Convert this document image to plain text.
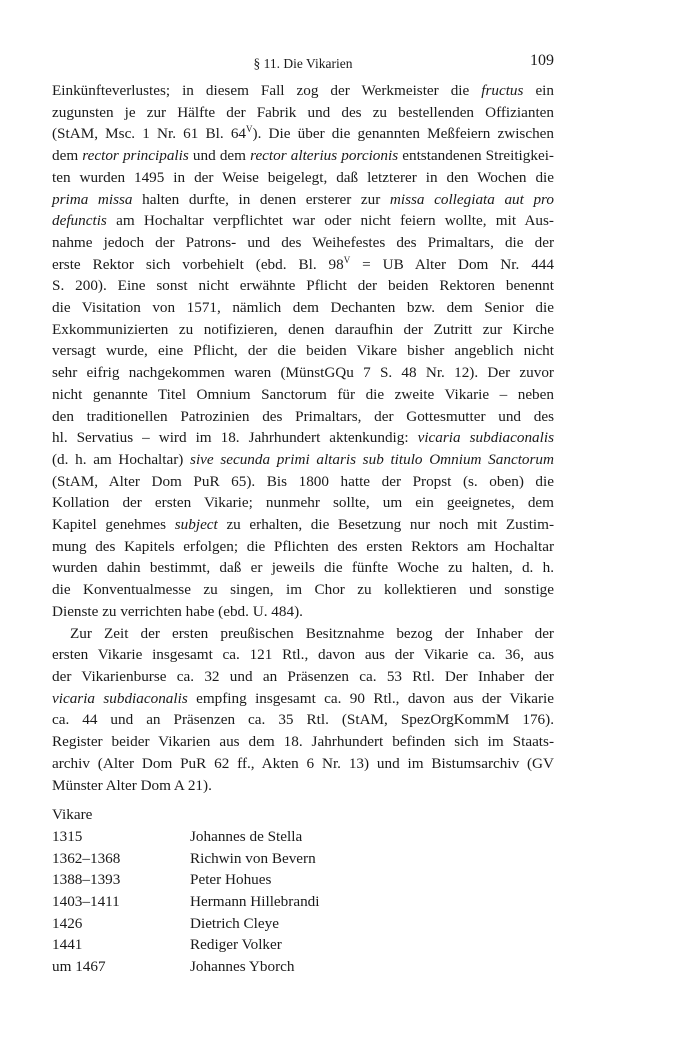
§ 11. Die Vikarien	109
Einkünfteverlustes; in diesem Fall zog der Werkmeister die fructus ein
zugunsten je zur Hälfte der Fabrik und des zu bestellenden Offizianten
(StAM, Msc. 1 Nr. 61 Bl. $64^V$). Die über die genannten Meßfeiern zwischen
dem rector principalis und dem rector alterius porcionis entstandenen Streitigkei-
ten wurden 1495 in der Weise beigelegt, daß letzterer in den Wochen die
prima missa halten durfte, in denen ersterer zur missa collegiata aut pro
defunctis am Hochaltar verpflichtet war oder nicht feiern wollte, mit Aus-
nahme jedoch der Patrons- und des Weihefestes des Primaltars, die der
erste Rektor sich vorbehielt (ebd. Bl. $98^V$ = UB Alter Dom Nr. 444
S. 200). Eine sonst nicht erwähnte Pflicht der beiden Rektoren benennt
die Visitation von 1571, nämlich dem Dechanten bzw. dem Senior die
Exkommunizierten zu notifizieren, denen daraufhin der Zutritt zur Kirche
versagt wurde, eine Pflicht, der die beiden Vikare bisher angeblich nicht
sehr eifrig nachgekommen waren (MünstGQu 7 S. 48 Nr. 12). Der zuvor
nicht genannte Titel Omnium Sanctorum für die zweite Vikarie – neben
den traditionellen Patrozinien des Primaltars, der Gottesmutter und des
hl. Servatius – wird im 18. Jahrhundert aktenkundig: vicaria subdiaconalis
(d. h. am Hochaltar) sive secunda primi altaris sub titulo Omnium Sanctorum
(StAM, Alter Dom PuR 65). Bis 1800 hatte der Propst (s. oben) die
Kollation der ersten Vikarie; nunmehr sollte, um ein geeignetes, dem
Kapitel genehmes subject zu erhalten, die Besetzung nur noch mit Zustim-
mung des Kapitels erfolgen; die Pflichten des ersten Rektors am Hochaltar
wurden dahin bestimmt, daß er jeweils die fünfte Woche zu halten, d. h.
die Konventualmesse zu singen, im Chor zu kollektieren und sonstige
Dienste zu verrichten habe (ebd. U. 484).
Zur Zeit der ersten preußischen Besitznahme bezog der Inhaber der
ersten Vikarie insgesamt ca. 121 Rtl., davon aus der Vikarie ca. 36, aus
der Vikarienburse ca. 32 und an Präsenzen ca. 53 Rtl. Der Inhaber der
vicaria subdiaconalis empfing insgesamt ca. 90 Rtl., davon aus der Vikarie
ca. 44 und an Präsenzen ca. 35 Rtl. (StAM, SpezOrgKommM 176).
Register beider Vikarien aus dem 18. Jahrhundert befinden sich im Staats-
archiv (Alter Dom PuR 62 ff., Akten 6 Nr. 13) und im Bistumsarchiv (GV
Münster Alter Dom A 21).
Vikare
1315	Johannes de Stella
1362–1368	Richwin von Bevern
1388–1393	Peter Hohues
1403–1411	Hermann Hillebrandi
1426	Dietrich Cleye
1441	Rediger Volker
um 1467	Johannes Yborch
